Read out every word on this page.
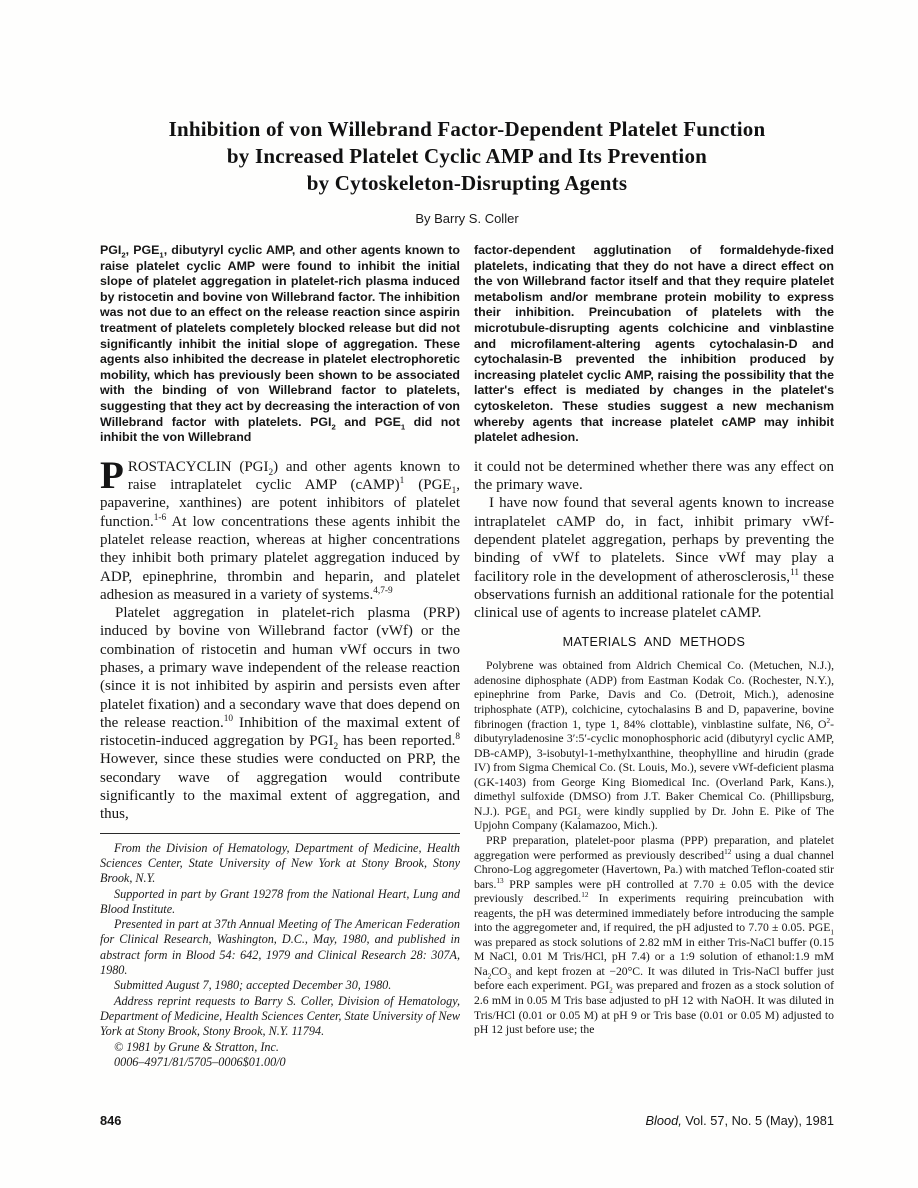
Inhibition of von Willebrand Factor-Dependent Platelet Function
by Increased Platelet Cyclic AMP and Its Prevention
by Cytoskeleton-Disrupting Agents
By Barry S. Coller
$PGI_2$, $PGE_1$, dibutyryl cyclic AMP, and other agents known to raise platelet cyclic AMP were found to inhibit the initial slope of platelet aggregation in platelet-rich plasma induced by ristocetin and bovine von Willebrand factor. The inhibition was not due to an effect on the release reaction since aspirin treatment of platelets completely blocked release but did not significantly inhibit the initial slope of aggregation. These agents also inhibited the decrease in platelet electrophoretic mobility, which has previously been shown to be associated with the binding of von Willebrand factor to platelets, suggesting that they act by decreasing the interaction of von Willebrand factor with platelets. $PGI_2$ and $PGE_1$ did not inhibit the von Willebrand
factor-dependent agglutination of formaldehyde-fixed platelets, indicating that they do not have a direct effect on the von Willebrand factor itself and that they require platelet metabolism and/or membrane protein mobility to express their inhibition. Preincubation of platelets with the microtubule-disrupting agents colchicine and vinblastine and microfilament-altering agents cytochalasin-D and cytochalasin-B prevented the inhibition produced by increasing platelet cyclic AMP, raising the possibility that the latter's effect is mediated by changes in the platelet's cytoskeleton. These studies suggest a new mechanism whereby agents that increase platelet cAMP may inhibit platelet adhesion.

PROSTACYCLIN $(PGI_2)$ and other agents known to raise intraplatelet cyclic AMP (cAMP)$^1$ ($PGE_1$, papaverine, xanthines) are potent inhibitors of platelet function.$^{1-6}$ At low concentrations these agents inhibit the platelet release reaction, whereas at higher concentrations they inhibit both primary platelet aggregation induced by ADP, epinephrine, thrombin and heparin, and platelet adhesion as measured in a variety of systems.$^{4,7-9}$

Platelet aggregation in platelet-rich plasma (PRP) induced by bovine von Willebrand factor (vWf) or the combination of ristocetin and human vWf occurs in two phases, a primary wave independent of the release reaction (since it is not inhibited by aspirin and persists even after platelet fixation) and a secondary wave that does depend on the release reaction.$^{10}$ Inhibition of the maximal extent of ristocetin-induced aggregation by $PGI_2$ has been reported.$^8$ However, since these studies were conducted on PRP, the secondary wave of aggregation would contribute significantly to the maximal extent of aggregation, and thus,

From the Division of Hematology, Department of Medicine, Health Sciences Center, State University of New York at Stony Brook, Stony Brook, N.Y.

Supported in part by Grant 19278 from the National Heart, Lung and Blood Institute.

Presented in part at 37th Annual Meeting of The American Federation for Clinical Research, Washington, D.C., May, 1980, and published in abstract form in Blood 54: 642, 1979 and Clinical Research 28: 307A, 1980.

Submitted August 7, 1980; accepted December 30, 1980.

Address reprint requests to Barry S. Coller, Division of Hematology, Department of Medicine, Health Sciences Center, State University of New York at Stony Brook, Stony Brook, N.Y. 11794.

© 1981 by Grune & Stratton, Inc.

0006–4971/81/5705–0006$01.00/0

it could not be determined whether there was any effect on the primary wave.

I have now found that several agents known to increase intraplatelet cAMP do, in fact, inhibit primary vWf-dependent platelet aggregation, perhaps by preventing the binding of vWf to platelets. Since vWf may play a facilitory role in the development of atherosclerosis,$^{11}$ these observations furnish an additional rationale for the potential clinical use of agents to increase platelet cAMP.

MATERIALS AND METHODS

Polybrene was obtained from Aldrich Chemical Co. (Metuchen, N.J.), adenosine diphosphate (ADP) from Eastman Kodak Co. (Rochester, N.Y.), epinephrine from Parke, Davis and Co. (Detroit, Mich.), adenosine triphosphate (ATP), colchicine, cytochalasins B and D, papaverine, bovine fibrinogen (fraction 1, type 1, 84% clottable), vinblastine sulfate, N6, $O^2$-dibutyryladenosine 3′:5′-cyclic monophosphoric acid (dibutyryl cyclic AMP, DB-cAMP), 3-isobutyl-1-methylxanthine, theophylline and hirudin (grade IV) from Sigma Chemical Co. (St. Louis, Mo.), severe vWf-deficient plasma (GK-1403) from George King Biomedical Inc. (Overland Park, Kans.), dimethyl sulfoxide (DMSO) from J.T. Baker Chemical Co. (Phillipsburg, N.J.). $PGE_1$ and $PGI_2$ were kindly supplied by Dr. John E. Pike of The Upjohn Company (Kalamazoo, Mich.).

PRP preparation, platelet-poor plasma (PPP) preparation, and platelet aggregation were performed as previously described$^{12}$ using a dual channel Chrono-Log aggregometer (Havertown, Pa.) with matched Teflon-coated stir bars.$^{13}$ PRP samples were pH controlled at 7.70 ± 0.05 with the device previously described.$^{12}$ In experiments requiring preincubation with reagents, the pH was determined immediately before introducing the sample into the aggregometer and, if required, the pH adjusted to 7.70 ± 0.05. $PGE_1$ was prepared as stock solutions of 2.82 mM in either Tris-NaCl buffer (0.15 M NaCl, 0.01 M Tris/HCl, pH 7.4) or a 1:9 solution of ethanol:1.9 mM $Na_2CO_3$ and kept frozen at −20°C. It was diluted in Tris-NaCl buffer just before each experiment. $PGI_2$ was prepared and frozen as a stock solution of 2.6 mM in 0.05 M Tris base adjusted to pH 12 with NaOH. It was diluted in Tris/HCl (0.01 or 0.05 M) at pH 9 or Tris base (0.01 or 0.05 M) adjusted to pH 12 just before use; the

846	Blood, Vol. 57, No. 5 (May), 1981
